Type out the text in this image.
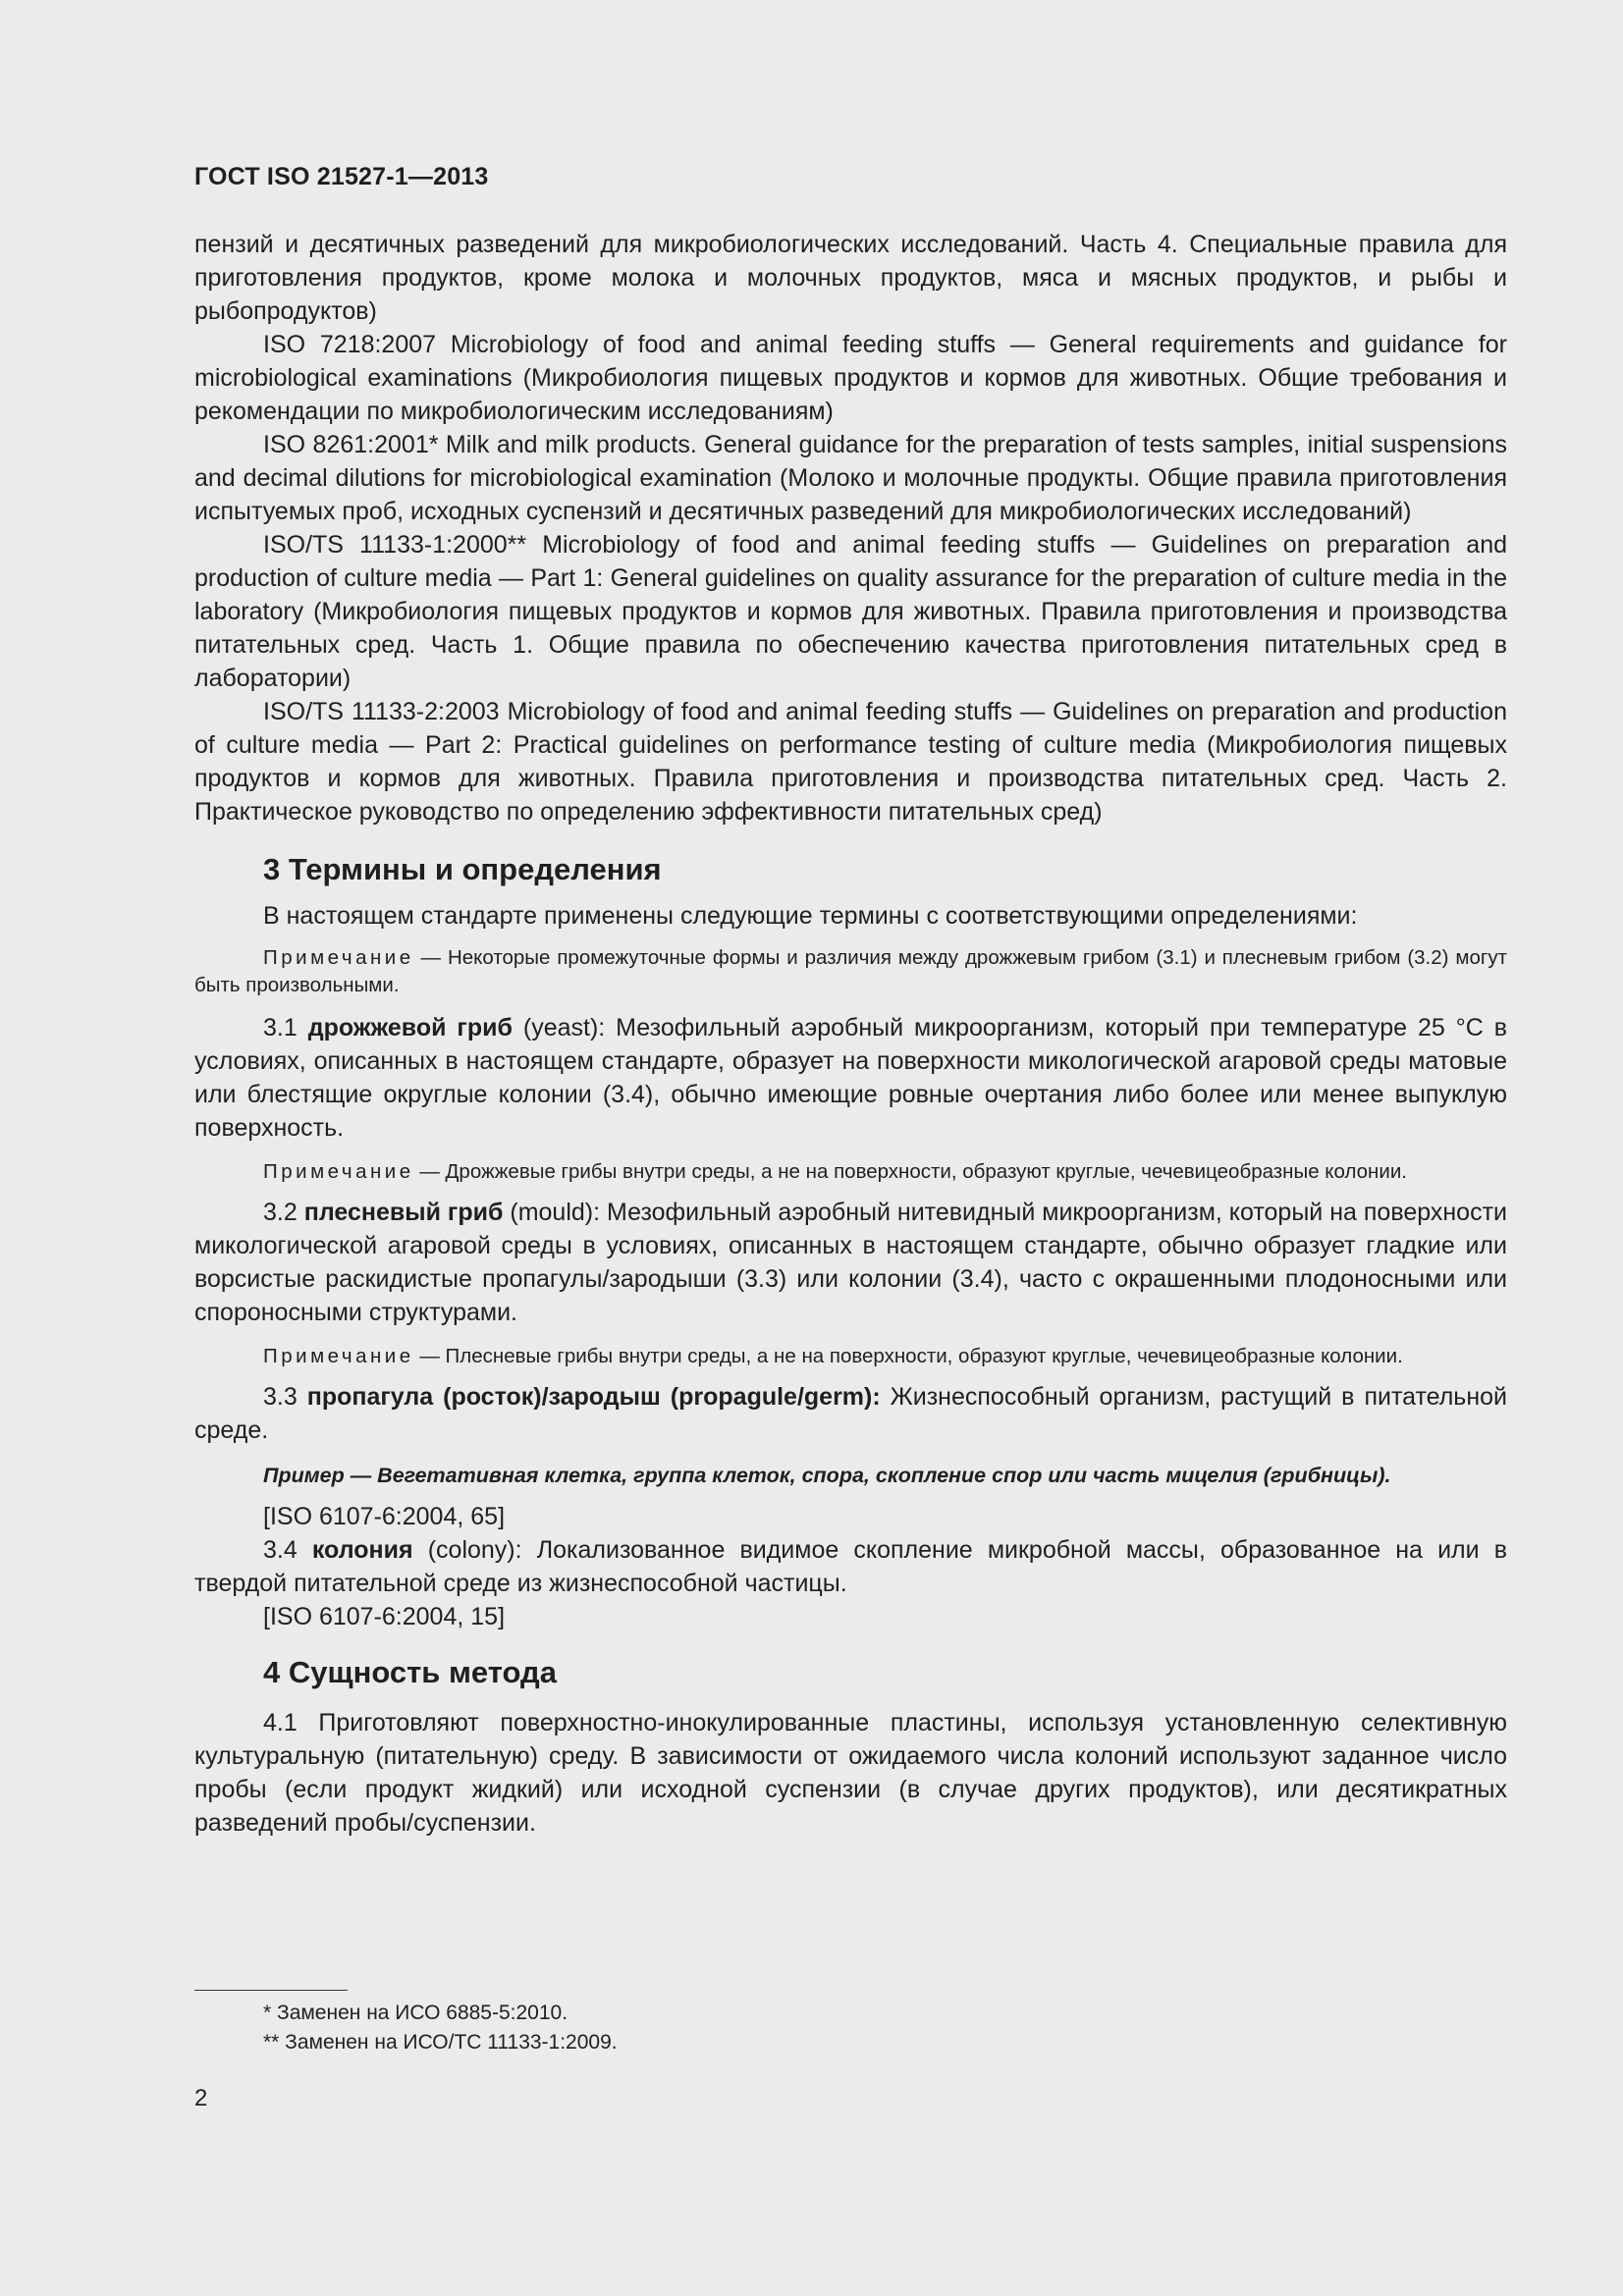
ГОСТ ISO 21527-1—2013

пензий и десятичных разведений для микробиологических исследований. Часть 4. Специальные правила для приготовления продуктов, кроме молока и молочных продуктов, мяса и мясных продуктов, и рыбы и рыбопродуктов)

ISO 7218:2007 Microbiology of food and animal feeding stuffs — General requirements and guidance for microbiological examinations (Микробиология пищевых продуктов и кормов для животных. Общие требования и рекомендации по микробиологическим исследованиям)

ISO 8261:2001* Milk and milk products. General guidance for the preparation of tests samples, initial suspensions and decimal dilutions for microbiological examination (Молоко и молочные продукты. Общие правила приготовления испытуемых проб, исходных суспензий и десятичных разведений для микробиологических исследований)

ISO/TS 11133-1:2000** Microbiology of food and animal feeding stuffs — Guidelines on preparation and production of culture media — Part 1: General guidelines on quality assurance for the preparation of culture media in the laboratory (Микробиология пищевых продуктов и кормов для животных. Правила приготовления и производства питательных сред. Часть 1. Общие правила по обеспечению качества приготовления питательных сред в лаборатории)

ISO/TS 11133-2:2003 Microbiology of food and animal feeding stuffs — Guidelines on preparation and production of culture media — Part 2: Practical guidelines on performance testing of culture media (Микробиология пищевых продуктов и кормов для животных. Правила приготовления и производства питательных сред. Часть 2. Практическое руководство по определению эффективности питательных сред)

3 Термины и определения

В настоящем стандарте применены следующие термины с соответствующими определениями:

Примечание — Некоторые промежуточные формы и различия между дрожжевым грибом (3.1) и плесневым грибом (3.2) могут быть произвольными.

3.1 дрожжевой гриб (yeast): Мезофильный аэробный микроорганизм, который при температуре 25 °С в условиях, описанных в настоящем стандарте, образует на поверхности микологической агаровой среды матовые или блестящие округлые колонии (3.4), обычно имеющие ровные очертания либо более или менее выпуклую поверхность.

Примечание — Дрожжевые грибы внутри среды, а не на поверхности, образуют круглые, чечевицеобразные колонии.

3.2 плесневый гриб (mould): Мезофильный аэробный нитевидный микроорганизм, который на поверхности микологической агаровой среды в условиях, описанных в настоящем стандарте, обычно образует гладкие или ворсистые раскидистые пропагулы/зародыши (3.3) или колонии (3.4), часто с окрашенными плодоносными или спороносными структурами.

Примечание — Плесневые грибы внутри среды, а не на поверхности, образуют круглые, чечевицеобразные колонии.

3.3 пропагула (росток)/зародыш (propagule/germ): Жизнеспособный организм, растущий в питательной среде.

Пример — Вегетативная клетка, группа клеток, спора, скопление спор или часть мицелия (грибницы).

[ISO 6107-6:2004, 65]

3.4 колония (colony): Локализованное видимое скопление микробной массы, образованное на или в твердой питательной среде из жизнеспособной частицы.

[ISO 6107-6:2004, 15]

4 Сущность метода

4.1 Приготовляют поверхностно-инокулированные пластины, используя установленную селективную культуральную (питательную) среду. В зависимости от ожидаемого числа колоний используют заданное число пробы (если продукт жидкий) или исходной суспензии (в случае других продуктов), или десятикратных разведений пробы/суспензии.

* Заменен на ИСО 6885-5:2010.
** Заменен на ИСО/ТС 11133-1:2009.
2
